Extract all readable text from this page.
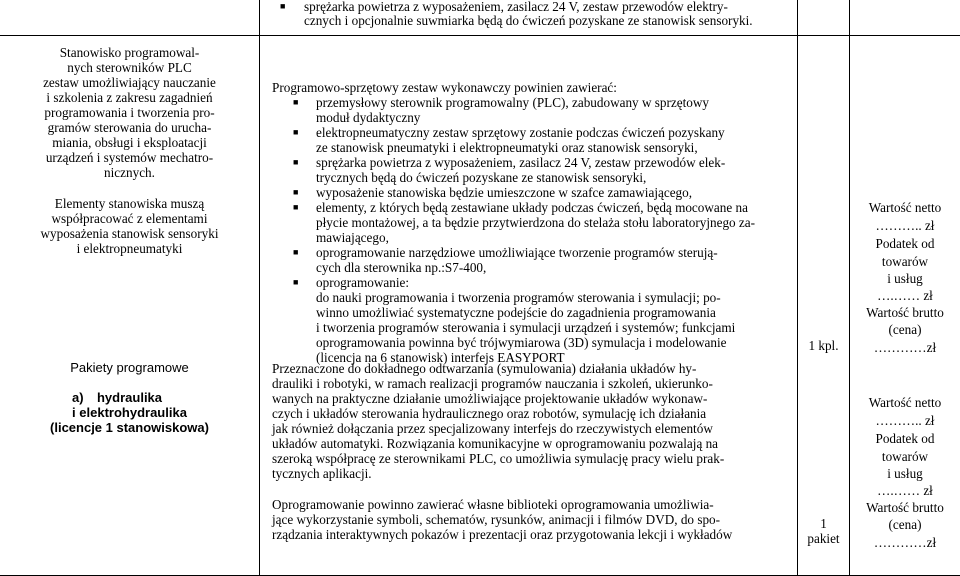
■ sprężarka powietrza z wyposażeniem, zasilacz 24 V, zestaw przewodów elektry-
cznych i opcjonalnie suwmiarka będą do ćwiczeń pozyskane ze stanowisk sensoryki.
Stanowisko programowal-
nych sterowników PLC
zestaw umożliwiający nauczanie
i szkolenia z zakresu zagadnień
programowania i tworzenia pro-
gramów sterowania do urucha-
miania, obsługi i eksploatacji
urządzeń i systemów mechatro-
nicznych.
Elementy stanowiska muszą
współpracować z elementami
wyposażenia stanowisk sensoryki
i elektropneumatyki
Pakiety programowe
a)	hydraulika
i elektrohydraulika
(licencje 1 stanowiskowa)
Programowo-sprzętowy zestaw wykonawczy powinien zawierać:
■ przemysłowy sterownik programowalny (PLC), zabudowany w sprzętowy
moduł dydaktyczny
■ elektropneumatyczny zestaw sprzętowy zostanie podczas ćwiczeń pozyskany
ze stanowisk pneumatyki i elektropneumatyki oraz stanowisk sensoryki,
■ sprężarka powietrza z wyposażeniem, zasilacz 24 V, zestaw przewodów elek-
trycznych będą do ćwiczeń pozyskane ze stanowisk sensoryki,
■ wyposażenie stanowiska będzie umieszczone w szafce zamawiającego,
■ elementy, z których będą zestawiane układy podczas ćwiczeń, będą mocowane na
płycie montażowej, a ta będzie przytwierdzona do stelaża stołu laboratoryjnego za-
mawiającego,
■ oprogramowanie narzędziowe umożliwiające tworzenie programów sterują-
cych dla sterownika np.:S7-400,
■ oprogramowanie:
do nauki programowania i tworzenia programów sterowania i symulacji; po-
winno umożliwiać systematyczne podejście do zagadnienia programowania
i tworzenia programów sterowania i symulacji urządzeń i systemów; funkcjami
oprogramowania powinna być trójwymiarowa (3D) symulacja i modelowanie
(licencja na 6 stanowisk) interfejs EASYPORT
Przeznaczone do dokładnego odtwarzania (symulowania) działania układów hy-
drauliki i robotyki, w ramach realizacji programów nauczania i szkoleń, ukierunko-
wanych na praktyczne działanie umożliwiające projektowanie układów wykonaw-
czych i układów sterowania hydraulicznego oraz robotów, symulację ich działania
jak również dołączania przez specjalizowany interfejs do rzeczywistych elementów
układów automatyki. Rozwiązania komunikacyjne w oprogramowaniu pozwalają na
szeroką współpracę ze sterownikami PLC, co umożliwia symulację pracy wielu prak-
tycznych aplikacji.
Oprogramowanie powinno zawierać własne biblioteki oprogramowania umożliwia-
jące wykorzystanie symboli, schematów, rysunków, animacji i filmów DVD, do spo-
rządzania interaktywnych pokazów i prezentacji oraz przygotowania lekcji i wykładów
1 kpl.
1
pakiet
Wartość netto
……….. zł
Podatek od
towarów
i usług
….…… zł
Wartość brutto
(cena)
…………zł
Wartość netto
……….. zł
Podatek od
towarów
i usług
….…… zł
Wartość brutto
(cena)
…………zł
